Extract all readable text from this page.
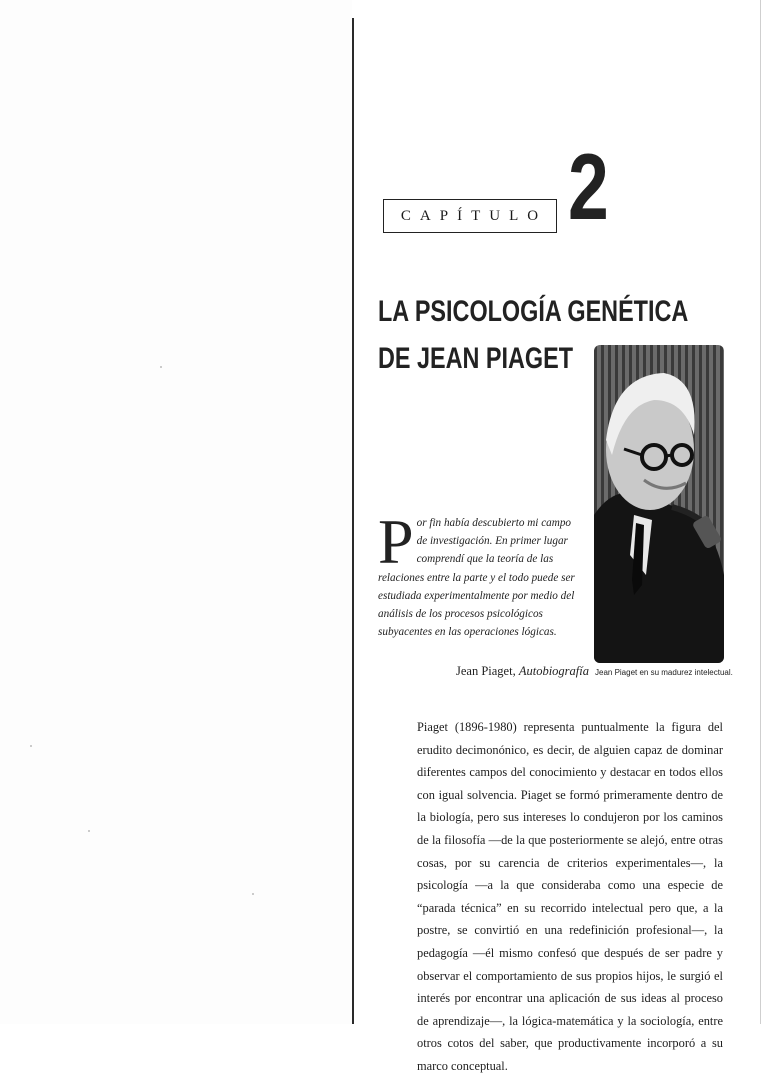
CAPÍTULO 2
LA PSICOLOGÍA GENÉTICA
DE JEAN PIAGET
Jean Piaget en su madurez intelectual.
P or fin había descubierto mi campo de investigación. En primer lugar comprendí que la teoría de las relaciones entre la parte y el todo puede ser estudiada experimentalmente por medio del análisis de los procesos psicológicos subyacentes en las operaciones lógicas.
Jean Piaget, Autobiografía
Piaget (1896-1980) representa puntualmente la figura del erudito decimonónico, es decir, de alguien capaz de dominar diferentes campos del conocimiento y destacar en todos ellos con igual solvencia. Piaget se formó primeramente dentro de la biología, pero sus intereses lo condujeron por los caminos de la filosofía —de la que posteriormente se alejó, entre otras cosas, por su carencia de criterios experimentales—, la psicología —a la que consideraba como una especie de “parada técnica” en su recorrido intelectual pero que, a la postre, se convirtió en una redefinición profesional—, la pedagogía —él mismo confesó que después de ser padre y observar el comportamiento de sus propios hijos, le surgió el interés por encontrar una aplicación de sus ideas al proceso de aprendizaje—, la lógica-matemática y la sociología, entre otros cotos del saber, que productivamente incorporó a su marco conceptual.
